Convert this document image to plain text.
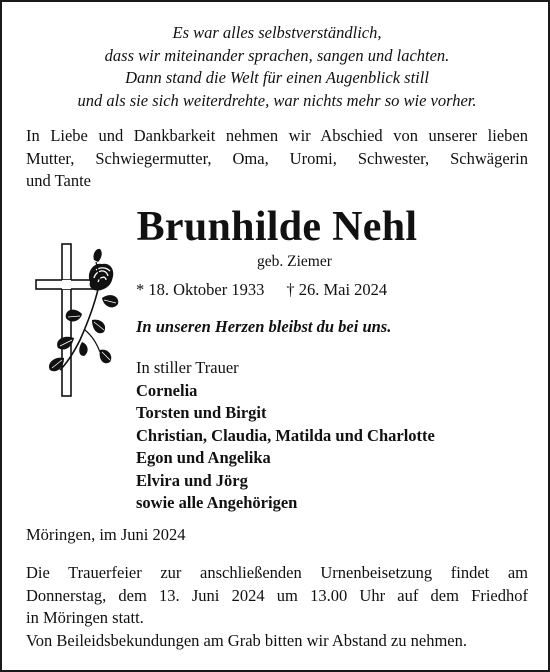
Es war alles selbstverständlich,
dass wir miteinander sprachen, sangen und lachten.
Dann stand die Welt für einen Augenblick still
und als sie sich weiterdrehte, war nichts mehr so wie vorher.
In Liebe und Dankbarkeit nehmen wir Abschied von unserer lieben
Mutter, Schwiegermutter, Oma, Uromi, Schwester, Schwägerin
und Tante
Brunhilde Nehl
geb. Ziemer
* 18. Oktober 1933 † 26. Mai 2024
In unseren Herzen bleibst du bei uns.
In stiller Trauer
Cornelia
Torsten und Birgit
Christian, Claudia, Matilda und Charlotte
Egon und Angelika
Elvira und Jörg
sowie alle Angehörigen
Möringen, im Juni 2024
Die Trauerfeier zur anschließenden Urnenbeisetzung findet am
Donnerstag, dem 13. Juni 2024 um 13.00 Uhr auf dem Friedhof
in Möringen statt.
Von Beileidsbekundungen am Grab bitten wir Abstand zu nehmen.
